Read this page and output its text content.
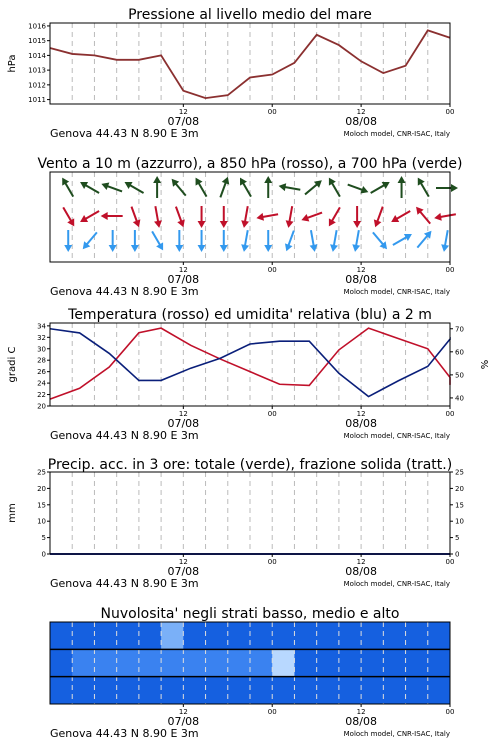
1011
1012
1013
1014
1015
1016
hPa
12	00	12	00
07/08	08/08
Genova 44.43 N 8.90 E 3m	Moloch model, CNR-ISAC, Italy
Pressione al livello medio del mare
12	00	12	00
07/08	08/08
Genova 44.43 N 8.90 E 3m	Moloch model, CNR-ISAC, Italy
Vento a 10 m (azzurro), a 850 hPa (rosso), a 700 hPa (verde)
20
22
24
26
28
30
32
34
40
50
60
70
gradi C	%
12	00	12	00
07/08	08/08
Genova 44.43 N 8.90 E 3m	Moloch model, CNR-ISAC, Italy
Temperatura (rosso) ed umidita' relativa (blu) a 2 m
0	0
5	5
10	10
15	15
20	20
25	25
mm
12	00	12	00
07/08	08/08
Genova 44.43 N 8.90 E 3m	Moloch model, CNR-ISAC, Italy
Precip. acc. in 3 ore: totale (verde), frazione solida (tratt.)
12	00	12	00
07/08	08/08
Genova 44.43 N 8.90 E 3m	Moloch model, CNR-ISAC, Italy
Nuvolosita' negli strati basso, medio e alto
